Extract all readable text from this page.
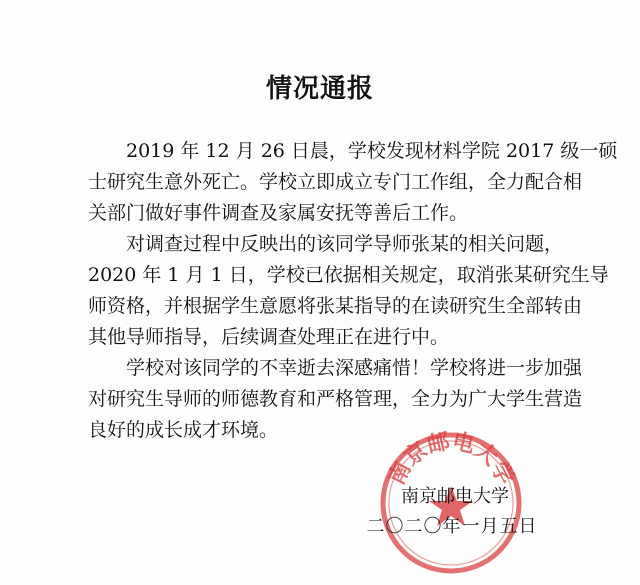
情况通报

　　2019 年 12 月 26 日晨，学校发现材料学院 2017 级一硕
士研究生意外死亡。学校立即成立专门工作组，全力配合相
关部门做好事件调查及家属安抚等善后工作。

　　对调查过程中反映出的该同学导师张某的相关问题，
2020 年 1 月 1 日，学校已依据相关规定，取消张某研究生导
师资格，并根据学生意愿将张某指导的在读研究生全部转由
其他导师指导，后续调查处理正在进行中。

　　学校对该同学的不幸逝去深感痛惜！学校将进一步加强
对研究生导师的师德教育和严格管理，全力为广大学生营造
良好的成长成才环境。

南京邮电大学
南京邮电大学
二〇二〇年一月五日
